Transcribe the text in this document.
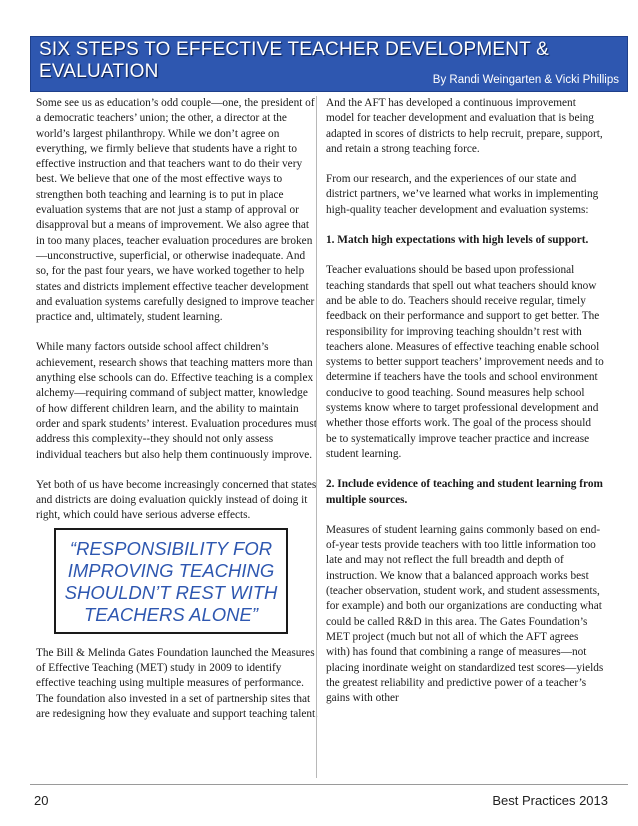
SIX STEPS TO EFFECTIVE TEACHER DEVELOPMENT &
EVALUATION	By Randi Weingarten & Vicki Phillips

Some see us as education’s odd couple—one, the president of a democratic teachers’ union; the other, a director at the world’s largest philanthropy. While we don’t agree on everything, we firmly believe that students have a right to effective instruction and that teachers want to do their very best. We believe that one of the most effective ways to strengthen both teaching and learning is to put in place evaluation systems that are not just a stamp of approval or disapproval but a means of improvement. We also agree that in too many places, teacher evaluation procedures are broken—unconstructive, superficial, or otherwise inadequate. And so, for the past four years, we have worked together to help states and districts implement effective teacher development and evaluation systems carefully designed to improve teacher practice and, ultimately, student learning.

While many factors outside school affect children’s achievement, research shows that teaching matters more than anything else schools can do. Effective teaching is a complex alchemy—requiring command of subject matter, knowledge of how different children learn, and the ability to maintain order and spark students’ interest. Evaluation procedures must address this complexity--they should not only assess individual teachers but also help them continuously improve.

Yet both of us have become increasingly concerned that states and districts are doing evaluation quickly instead of doing it right, which could have serious adverse effects.

“RESPONSIBILITY FOR IMPROVING TEACHING SHOULDN’T REST WITH TEACHERS ALONE”

The Bill & Melinda Gates Foundation launched the Measures of Effective Teaching (MET) study in 2009 to identify effective teaching using multiple measures of performance. The foundation also invested in a set of partnership sites that are redesigning how they evaluate and support teaching talent.

And the AFT has developed a continuous improvement model for teacher development and evaluation that is being adapted in scores of districts to help recruit, prepare, support, and retain a strong teaching force.

From our research, and the experiences of our state and district partners, we’ve learned what works in implementing high-quality teacher development and evaluation systems:

1. Match high expectations with high levels of support.

Teacher evaluations should be based upon professional teaching standards that spell out what teachers should know and be able to do. Teachers should receive regular, timely feedback on their performance and support to get better. The responsibility for improving teaching shouldn’t rest with teachers alone. Measures of effective teaching enable school systems to better support teachers’ improvement needs and to determine if teachers have the tools and school environment conducive to good teaching. Sound measures help school systems know where to target professional development and whether those efforts work. The goal of the process should be to systematically improve teacher practice and increase student learning.

2. Include evidence of teaching and student learning from multiple sources.

Measures of student learning gains commonly based on end-of-year tests provide teachers with too little information too late and may not reflect the full breadth and depth of instruction. We know that a balanced approach works best (teacher observation, student work, and student assessments, for example) and both our organizations are conducting what could be called R&D in this area. The Gates Foundation’s MET project (much but not all of which the AFT agrees with) has found that combining a range of measures—not placing inordinate weight on standardized test scores—yields the greatest reliability and predictive power of a teacher’s gains with other

20	Best Practices 2013
